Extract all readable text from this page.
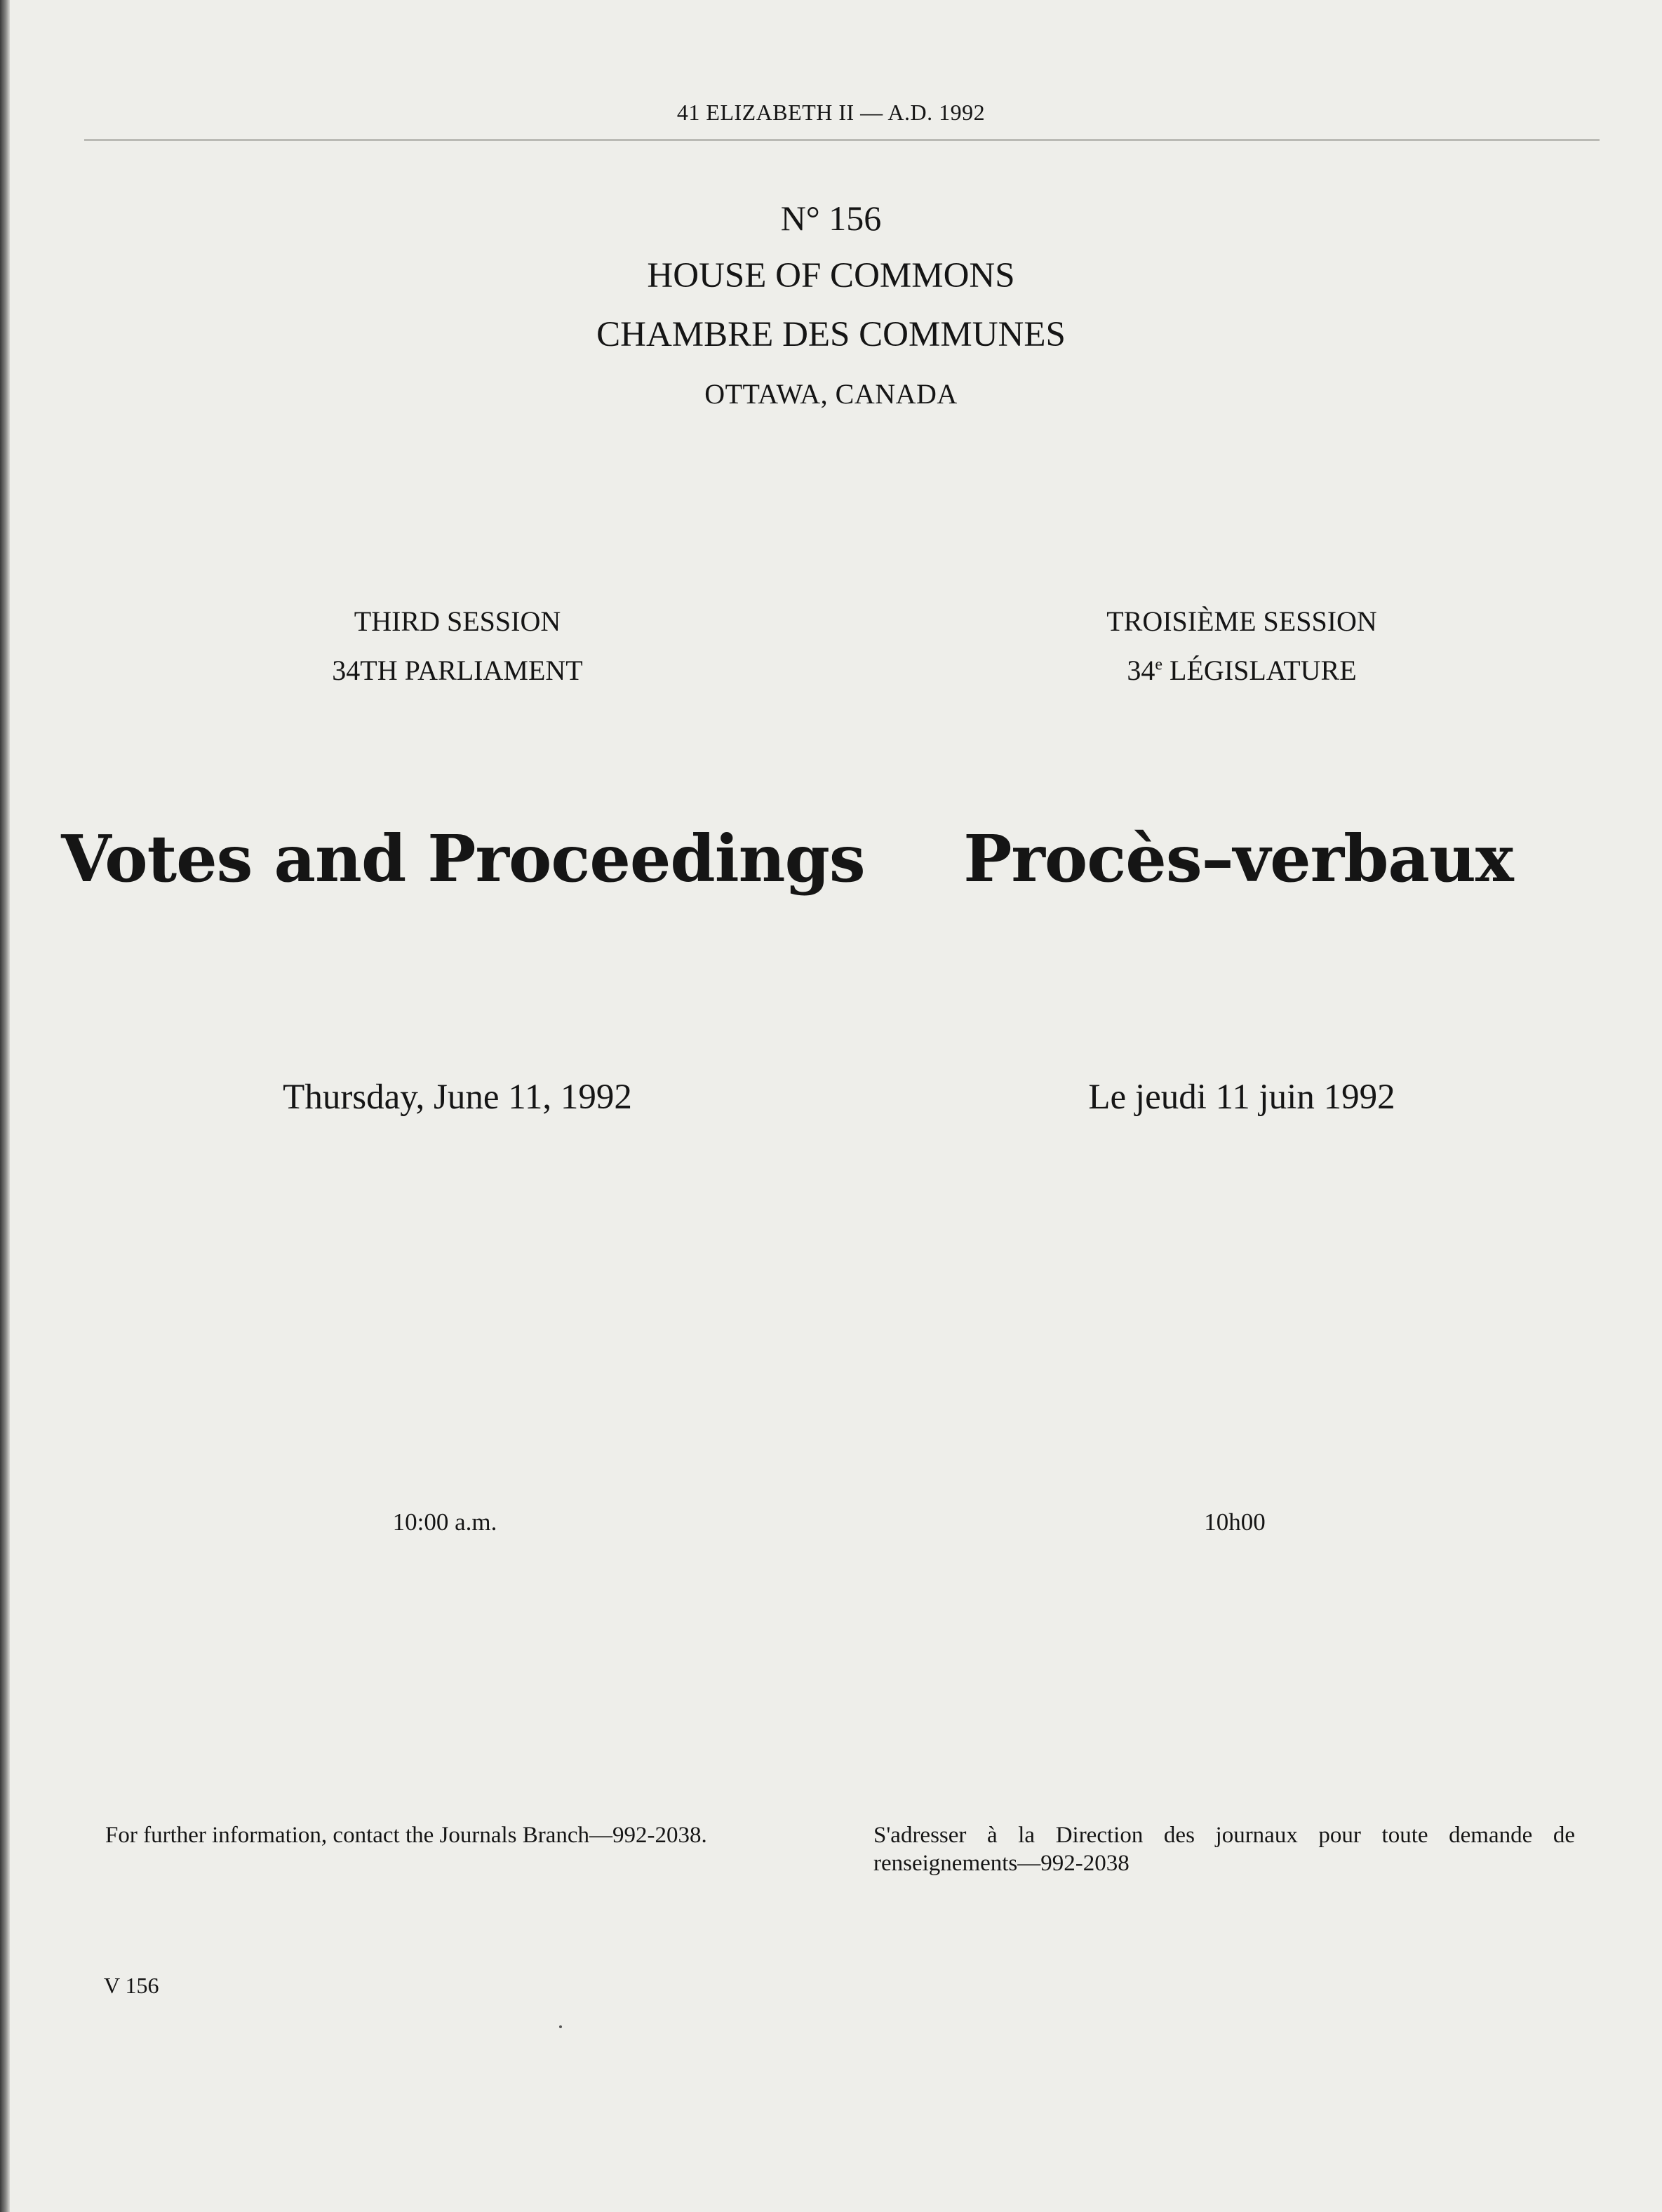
41 ELIZABETH II — A.D. 1992
N° 156
HOUSE OF COMMONS
CHAMBRE DES COMMUNES
OTTAWA, CANADA
THIRD SESSION	TROISIÈME SESSION
34TH PARLIAMENT	34e LÉGISLATURE
Votes and Proceedings Procès–verbaux
Thursday, June 11, 1992	Le jeudi 11 juin 1992
10:00 a.m.	10h00
For further information, contact the Journals Branch—992-2038.	S'adresser à la Direction des journaux pour toute demande de renseignements—992-2038
V 156
